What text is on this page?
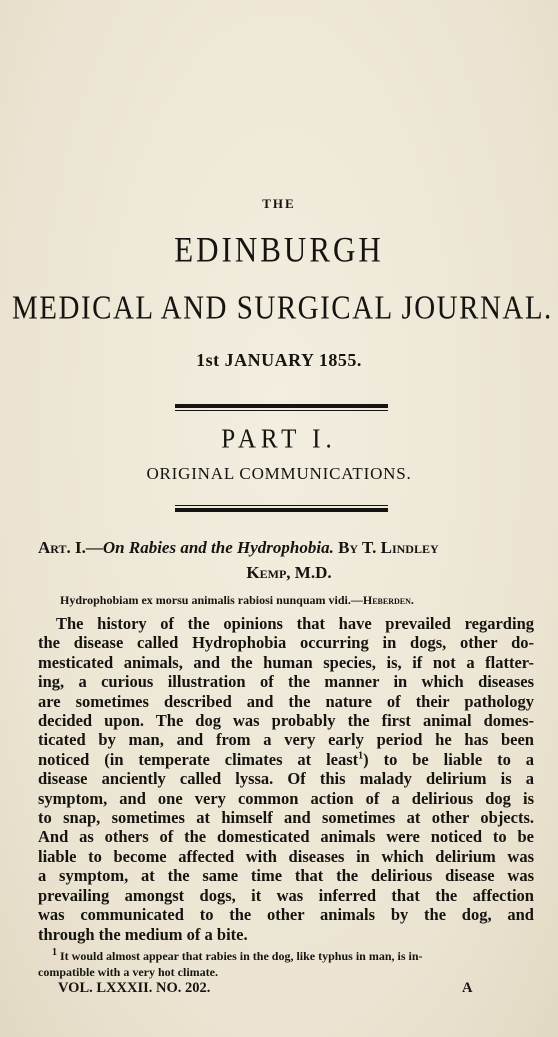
THE
EDINBURGH
MEDICAL AND SURGICAL JOURNAL.
1st JANUARY 1855.
PART I.
ORIGINAL COMMUNICATIONS.
Art. I.—On Rabies and the Hydrophobia. By T. Lindley
Kemp, M.D.
Hydrophobiam ex morsu animalis rabiosi nunquam vidi.—Heberden.
The history of the opinions that have prevailed regarding
the disease called Hydrophobia occurring in dogs, other do-
mesticated animals, and the human species, is, if not a flatter-
ing, a curious illustration of the manner in which diseases
are sometimes described and the nature of their pathology
decided upon. The dog was probably the first animal domes-
ticated by man, and from a very early period he has been
noticed (in temperate climates at least$^1$) to be liable to a
disease anciently called lyssa. Of this malady delirium is a
symptom, and one very common action of a delirious dog is
to snap, sometimes at himself and sometimes at other objects.
And as others of the domesticated animals were noticed to be
liable to become affected with diseases in which delirium was
a symptom, at the same time that the delirious disease was
prevailing amongst dogs, it was inferred that the affection
was communicated to the other animals by the dog, and
through the medium of a bite.
$^1$ It would almost appear that rabies in the dog, like typhus in man, is in-
compatible with a very hot climate.
VOL. LXXXII. NO. 202.	A
